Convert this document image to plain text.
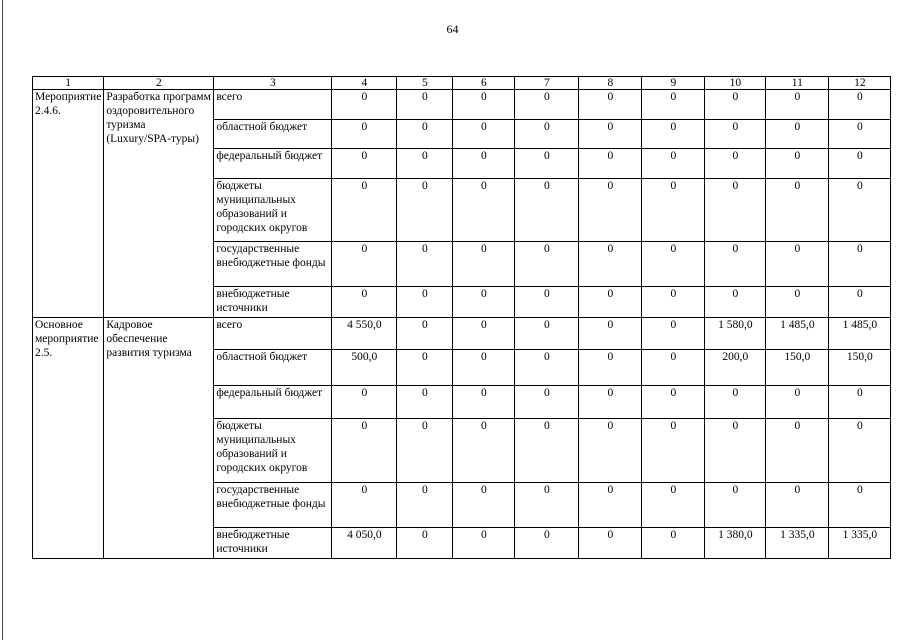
64
1	2	3	4	5	6	7	8	9	10	11	12
Мероприятие 2.4.6.	Разработка программ оздоровительного туризма (Luxury/SPA-туры)	всего	0	0	0	0	0	0	0	0	0
		областной бюджет	0	0	0	0	0	0	0	0	0
		федеральный бюджет	0	0	0	0	0	0	0	0	0
		бюджеты муниципальных образований и городских округов	0	0	0	0	0	0	0	0	0
		государственные внебюджетные фонды	0	0	0	0	0	0	0	0	0
		внебюджетные источники	0	0	0	0	0	0	0	0	0
Основное мероприятие 2.5.	Кадровое обеспечение развития туризма	всего	4 550,0	0	0	0	0	0	1 580,0	1 485,0	1 485,0
		областной бюджет	500,0	0	0	0	0	0	200,0	150,0	150,0
		федеральный бюджет	0	0	0	0	0	0	0	0	0
		бюджеты муниципальных образований и городских округов	0	0	0	0	0	0	0	0	0
		государственные внебюджетные фонды	0	0	0	0	0	0	0	0	0
		внебюджетные источники	4 050,0	0	0	0	0	0	1 380,0	1 335,0	1 335,0
